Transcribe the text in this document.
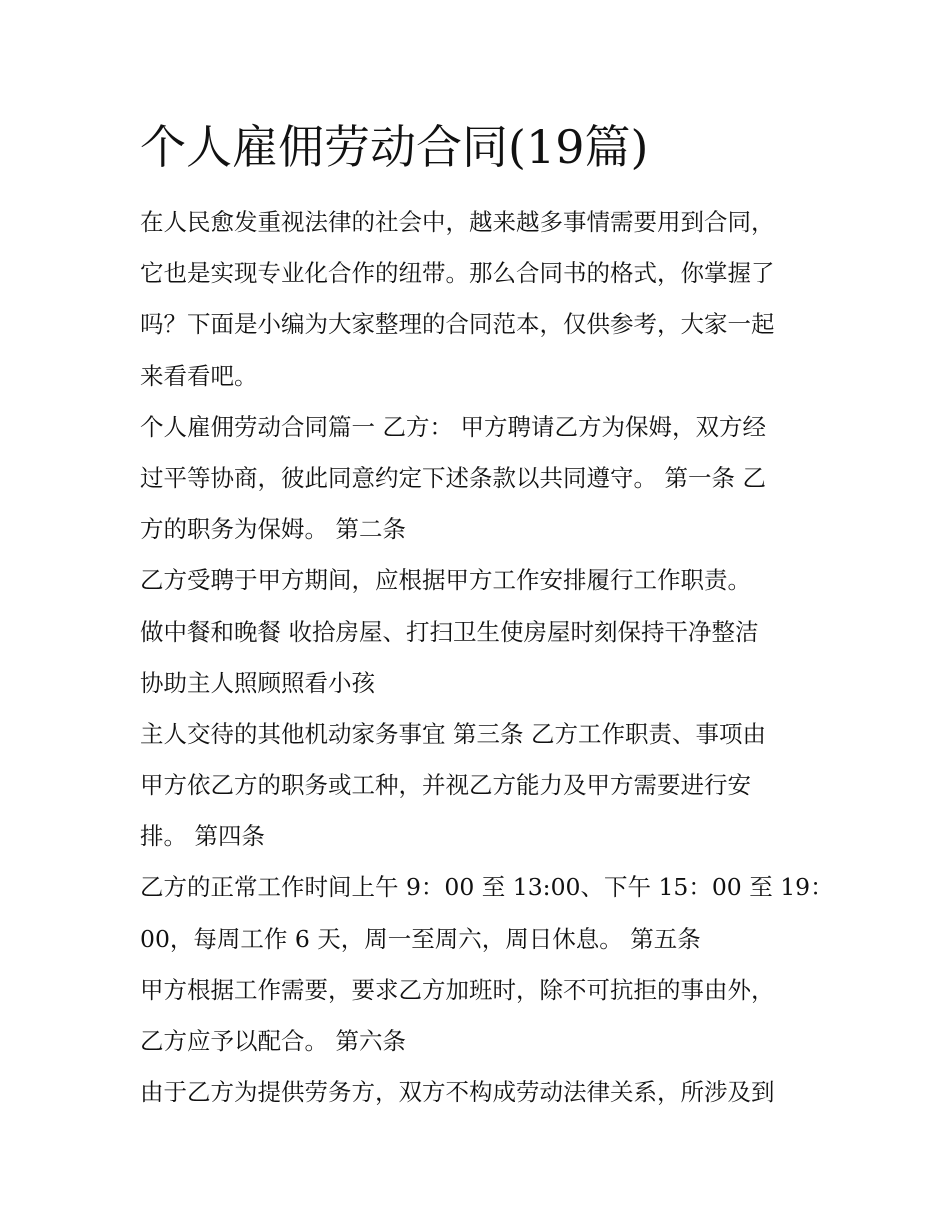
个人雇佣劳动合同(19篇)

在人民愈发重视法律的社会中，越来越多事情需要用到合同，

它也是实现专业化合作的纽带。那么合同书的格式，你掌握了

吗？下面是小编为大家整理的合同范本，仅供参考，大家一起

来看看吧。

个人雇佣劳动合同篇一 乙方： 甲方聘请乙方为保姆，双方经

过平等协商，彼此同意约定下述条款以共同遵守。 第一条 乙

方的职务为保姆。 第二条

乙方受聘于甲方期间，应根据甲方工作安排履行工作职责。

做中餐和晚餐 收拾房屋、打扫卫生使房屋时刻保持干净整洁

协助主人照顾照看小孩

主人交待的其他机动家务事宜 第三条 乙方工作职责、事项由

甲方依乙方的职务或工种，并视乙方能力及甲方需要进行安

排。 第四条

乙方的正常工作时间上午 9：00 至 13:00、下午 15：00 至 19：

00，每周工作 6 天，周一至周六，周日休息。 第五条

甲方根据工作需要，要求乙方加班时，除不可抗拒的事由外，

乙方应予以配合。 第六条

由于乙方为提供劳务方，双方不构成劳动法律关系，所涉及到
